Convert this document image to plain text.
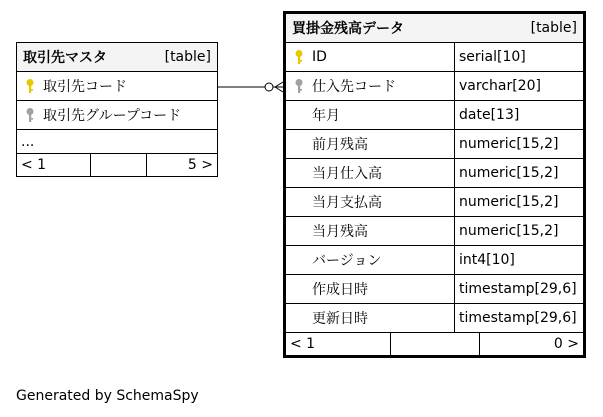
取引先マスタ	[table]
取引先コード
取引先グループコード
...
< 1	5 >
買掛金残高データ	[table]
ID	serial[10]
仕入先コード	varchar[20]
年月	date[13]
前月残高	numeric[15,2]
当月仕入高	numeric[15,2]
当月支払高	numeric[15,2]
当月残高	numeric[15,2]
バージョン	int4[10]
作成日時	timestamp[29,6]
更新日時	timestamp[29,6]
< 1	0 >
Generated by SchemaSpy
